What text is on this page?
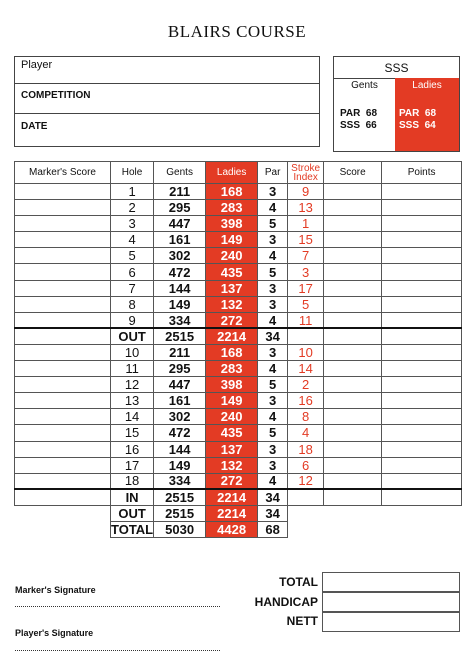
BLAIRS COURSE
Player
COMPETITION
DATE
SSS
Gents
PAR  68
SSS  66
Ladies
PAR  68
SSS  64
Marker's Score	Hole	Gents	Ladies	Par	Stroke Index	Score	Points
	1	211	168	3	9		
	2	295	283	4	13		
	3	447	398	5	1		
	4	161	149	3	15		
	5	302	240	4	7		
	6	472	435	5	3		
	7	144	137	3	17		
	8	149	132	3	5		
	9	334	272	4	11		
	OUT	2515	2214	34			
	10	211	168	3	10		
	11	295	283	4	14		
	12	447	398	5	2		
	13	161	149	3	16		
	14	302	240	4	8		
	15	472	435	5	4		
	16	144	137	3	18		
	17	149	132	3	6		
	18	334	272	4	12		
	IN	2515	2214	34			
	OUT	2515	2214	34			
	TOTAL	5030	4428	68			
Marker's Signature
Player's Signature
TOTAL
HANDICAP
NETT
